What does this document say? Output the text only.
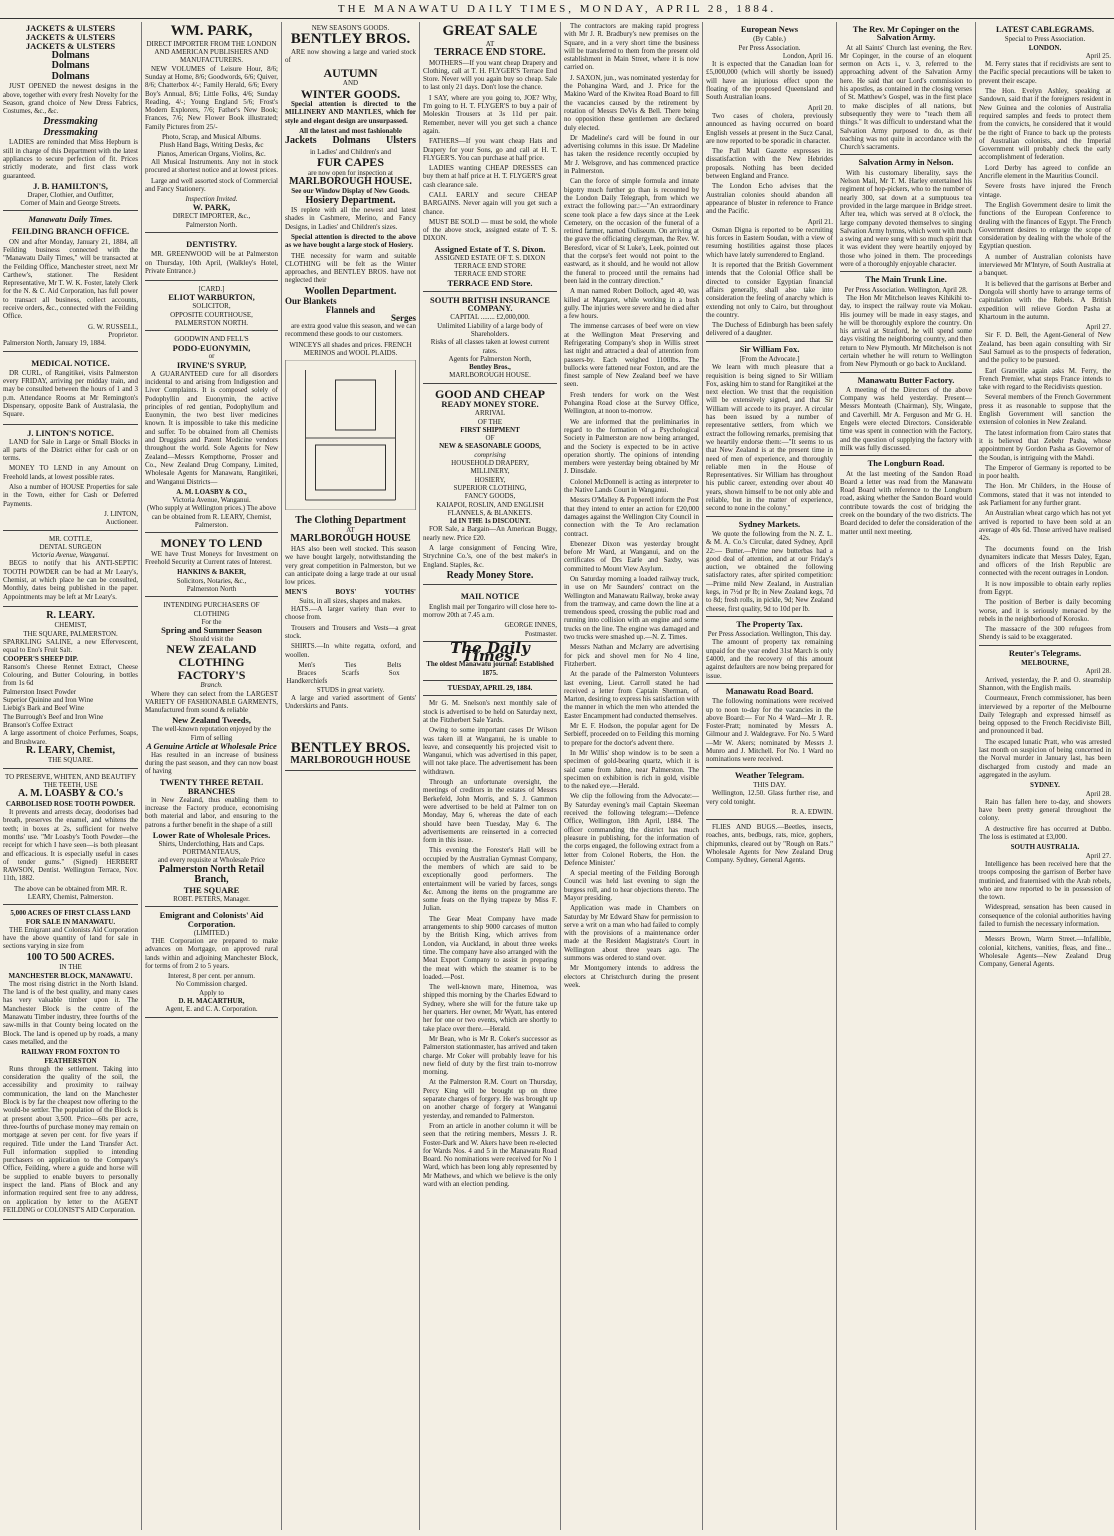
THE MANAWATU DAILY TIMES, MONDAY, APRIL 28, 1884.
JACKETS & ULSTERS
JACKETS & ULSTERS
JACKETS & ULSTERS
Dolmans
Dolmans
Dolmans

JUST OPENED the newest designs in the above, together with every fresh Novelty for the Season, grand choice of New Dress Fabrics, Costumes, &c., &c.

Dressmaking
Dressmaking

LADIES are reminded that Miss Hepburn is still in charge of this Department with the latest appliances to secure perfection of fit. Prices strictly moderate, and first class work guaranteed.

J. B. HAMILTON'S,
Draper, Clothier, and Outfitter,
Corner of Main and George Streets.
Manawatu Daily Times.
FEILDING BRANCH OFFICE.

ON and after Monday, January 21, 1884, all Feilding business connected with the "Manawatu Daily Times," will be transacted at the Feilding Office, Manchester street, next Mr Carthew's, stationer. The Resident Representative, Mr T. W. K. Foster, lately Clerk for the N. & C. Aid Corporation, has full power to transact all business, collect accounts, receive orders, &c., connected with the Feilding Office.

G. W. RUSSELL,
Proprietor.
Palmerston North, January 19, 1884.
MEDICAL NOTICE.

DR CURL, of Rangitikei, visits Palmerston every FRIDAY, arriving per midday train, and may be consulted between the hours of 1 and 3 p.m. Attendance Rooms at Mr Remington's Dispensary, opposite Bank of Australasia, the Square.

J. LINTON'S NOTICE.

LAND for Sale in Large or Small Blocks in all parts of the District either for cash or on terms.

MONEY TO LEND in any Amount on Freehold lands, at lowest possible rates.

Also a number of HOUSE Properties for sale in the Town, either for Cash or Deferred Payments.

J. LINTON,
Auctioneer.
MR. COTTLE,
DENTAL SURGEON
Victoria Avenue, Wanganui.

BEGS to notify that his ANTI-SEPTIC TOOTH POWDER can be had at Mr Leary's, Chemist, at which place he can be consulted, Monthly, dates being published in the paper. Appointments may be left at Mr Leary's.

R. LEARY.
CHEMIST,
THE SQUARE, PALMERSTON.
SPARKLING SALINE, a new Effervescent, equal to Eno's Fruit Salt.
COOPER'S SHEEP DIP.
Ransom's Cheese Rennet Extract, Cheese Colouring, and Butter Colouring, in bottles from 1s 6d
Palmerston Insect Powder
Superior Quinine and Iron Wine
Liebig's Bark and Beef Wine
The Burrough's Beef and Iron Wine
Branson's Coffee Extract
A large assortment of choice Perfumes, Soaps, and Brushware.
R. LEARY, Chemist,
THE SQUARE.
TO PRESERVE, WHITEN, AND BEAUTIFY THE TEETH, USE
A. M. LOASBY & CO.'s
CARBOLISED ROSE TOOTH POWDER.

It prevents and arrests decay, deodorises bad breath, preserves the enamel, and whitens the teeth; in boxes at 2s, sufficient for twelve months' use. "Mr Loasby's Tooth Powder—the receipt for which I have seen—is both pleasant and efficacious. It is especially useful in cases of tender gums." (Signed) HERBERT RAWSON, Dentist. Wellington Terrace, Nov. 11th, 1882.

The above can be obtained from MR. R. LEARY, Chemist, Palmerston.
5,000 ACRES OF FIRST CLASS LAND FOR SALE IN MANAWATU.

THE Emigrant and Colonists Aid Corporation have the above quantity of land for sale in sections varying in size from

100 TO 500 ACRES.
IN THE
MANCHESTER BLOCK, MANAWATU.

The most rising district in the North Island. The land is of the best quality, and many cases has very valuable timber upon it. The Manchester Block is the centre of the Manawatu Timber industry, three fourths of the saw-mills in that County being located on the Block. The land is opened up by roads, a many cases metalled, and the

RAILWAY FROM FOXTON TO FEATHERSTON

Runs through the settlement. Taking into consideration the quality of the soil, the accessibility and proximity to railway communication, the land on the Manchester Block is by far the cheapest now offering to the would-be settler. The population of the Block is at present about 3,500. Price—60s per acre, three-fourths of purchase money may remain on mortgage at seven per cent. for five years if required. Title under the Land Transfer Act. Full information supplied to intending purchasers on application to the Company's Office, Feilding, where a guide and horse will be supplied to enable buyers to personally inspect the land. Plans of Block and any information required sent free to any address, on application by letter to the AGENT FEILDING or COLONIST'S AID Corporation.

WM. PARK,
DIRECT IMPORTER FROM THE LONDON AND AMERICAN PUBLISHERS AND MANUFACTURERS.

NEW VOLUMES of Leisure Hour, 8/6; Sunday at Home, 8/6; Goodwords, 6/6; Quiver, 8/6; Chatterbox 4/-; Family Herald, 6/6; Every Boy's Annual, 8/6; Little Folks, 4/6; Sunday Reading, 4/-; Young England 5/6; Frost's Modern Explorers, 7/6; Father's New Book; Frances, 7/6; New Flower Book illustrated; Family Pictures from 25/-

Photo, Scrap, and Musical Albums.
Plush Hand Bags, Writing Desks, &c
Pianos, American Organs, Violins, &c.

All Musical Instruments. Any not in stock procured at shortest notice and at lowest prices.

Large and well assorted stock of Commercial and Fancy Stationery.

Inspection Invited.
W. PARK,
DIRECT IMPORTER, &c.,
Palmerston North.
DENTISTRY.

MR. GREENWOOD will be at Palmerston on Thursday, 10th April, (Walkley's Hotel, Private Entrance.)

[CARD.]
ELIOT WARBURTON,
SOLICITOR,
OPPOSITE COURTHOUSE,
PALMERSTON NORTH.
GOODWIN AND FELL'S
PODO-EUONYMIN,
or
IRVINE'S SYRUP,

A GUARANTEED cure for all disorders incidental to and arising from Indigestion and Liver Complaints. It is composed solely of Podophyllin and Euonymin, the active principles of red gentian, Podophyllum and Euonymin, the two best liver medicines known. It is impossible to take this medicine and suffer. To be obtained from all Chemists and Druggists and Patent Medicine vendors throughout the world. Sole Agents for New Zealand—Messrs Kempthorne, Prosser and Co., New Zealand Drug Company, Limited, Wholesale Agents for Manawatu, Rangitikei, and Wanganui Districts—

A. M. LOASBY & CO.,
Victoria Avenue, Wanganui.
(Who supply at Wellington prices.) The above can be obtained from R. LEARY, Chemist, Palmerston.
MONEY TO LEND

WE have Trust Moneys for Investment on Freehold Security at Current rates of Interest.

HANKINS & BAKER,
Solicitors, Notaries, &c.,
Palmerston North
INTENDING PURCHASERS OF CLOTHING
For the
Spring and Summer Season
Should visit the
NEW ZEALAND CLOTHING FACTORY'S
Branch.

Where they can select from the LARGEST VARIETY OF FASHIONABLE GARMENTS, Manufactured from sound & reliable

New Zealand Tweeds,
The well-known reputation enjoyed by the Firm of selling
A Genuine Article at Wholesale Price

Has resulted in an increase of business during the past season, and they can now boast of having

TWENTY THREE RETAIL
BRANCHES

in New Zealand, thus enabling them to increase the Factory produce, economising both material and labor, and ensuring to the patrons a further benefit in the shape of a still

Lower Rate of Wholesale Prices.
Shirts, Underclothing, Hats and Caps.
PORTMANTEAUS,
and every requisite at Wholesale Price
Palmerston North Retail Branch,
THE SQUARE
ROBT. PETERS, Manager.
Emigrant and Colonists' Aid Corporation.
(LIMITED.)

THE Corporation are prepared to make advances on Mortgage, on approved rural lands within and adjoining Manchester Block, for terms of from 2 to 5 years.

Interest, 8 per cent. per annum.
No Commission charged.
Apply to
D. H. MACARTHUR,
Agent, E. and C. A. Corporation.
NEW SEASON'S GOODS.
BENTLEY BROS.

ARE now showing a large and varied stock of

AUTUMN
AND
WINTER GOODS.

Special attention is directed to the MILLINERY AND MANTLES, which for style and elegant design are unsurpassed.

All the latest and most fashionable
Jackets Dolmans Ulsters
in Ladies' and Children's and
FUR CAPES
are now open for inspection at
MARLBOROUGH HOUSE.
See our Window Display of New Goods.
Hosiery Department.

IS replete with all the newest and latest shades in Cashmere, Merino, and Fancy Designs, in Ladies' and Children's sizes.

Special attention is directed to the above as we have bought a large stock of Hosiery.

THE necessity for warm and suitable CLOTHING will be felt as the Winter approaches, and BENTLEY BROS. have not neglected their

Woollen Department.
Our Blankets
Flannels and
Serges

are extra good value this season, and we can recommend these goods to our customers.

WINCEYS all shades and prices. FRENCH MERINOS and WOOL PLAIDS.
The Clothing Department
AT
MARLBOROUGH HOUSE

HAS also been well stocked. This season we have bought largely, notwithstanding the very great competition in Palmerston, but we can anticipate doing a large trade at our usual low prices.

MEN'S	BOYS'	YOUTHS'
Suits, in all sizes, shapes and makes.

HATS.—A larger variety than ever to choose from.

Trousers and Trousers and Vests—a great stock.

SHIRTS.—In white regatta, oxford, and woollen.

Men's	Ties	Belts
Braces	Scarfs	Sox
Handkerchiefs
STUDS in great variety.

A large and varied assortment of Gents' Underskirts and Pants.

BENTLEY BROS.
MARLBOROUGH HOUSE
GREAT SALE
AT
TERRACE END STORE.

MOTHERS—If you want cheap Drapery and Clothing, call at T. H. FLYGER'S Terrace End Store. Never will you again buy so cheap. Sale to last only 21 days. Don't lose the chance.

I SAY, where are you going to, JOE? Why, I'm going to H. T. FLYGER'S to buy a pair of Moleskin Trousers at 3s 11d per pair. Remember, never will you get such a chance again.

FATHERS—If you want cheap Hats and Drapery for your Sons, go and call at H. T. FLYGER'S. You can purchase at half price.

LADIES wanting CHEAP DRESSES can buy them at half price at H. T. FLYGER'S great cash clearance sale.

CALL EARLY and secure CHEAP BARGAINS. Never again will you get such a chance.

MUST BE SOLD — must be sold, the whole of the above stock, assigned estate of T. S. DIXON.

Assigned Estate of T. S. Dixon.
ASSIGNED ESTATE OF T. S. DIXON
TERRACE END STORE
TERRACE END STORE
TERRACE END Store.
SOUTH BRITISH INSURANCE COMPANY.
CAPITAL ........ £2,000,000.
Unlimited Liability of a large body of Shareholders.
Risks of all classes taken at lowest current rates.
Agents for Palmerston North,
Bentley Bros.,
MARLBOROUGH HOUSE.
GOOD AND CHEAP
READY MONEY STORE.
ARRIVAL
OF THE
FIRST SHIPMENT
OF
NEW & SEASONABLE GOODS,
comprising
HOUSEHOLD DRAPERY,
MILLINERY,
HOSIERY,
SUPERIOR CLOTHING,
FANCY GOODS,
KAIAPOI, ROSLIN, AND ENGLISH FLANNELS, & BLANKETS.
1d IN THE 1s DISCOUNT.

FOR Sale, a Bargain—An American Buggy, nearly new. Price £20.

A large consignment of Fencing Wire, Strychnine Co.'s, one of the best maker's in England. Staples, &c.

Ready Money Store.
MAIL NOTICE

English mail per Tongariro will close here to-morrow 20th at 7.45 a.m.

GEORGE INNES,
Postmaster.
The Daily Times.
The oldest Manawatu journal: Established 1875.
TUESDAY, APRIL 29, 1884.

Mr G. M. Snelson's next monthly sale of stock is advertised to be held on Saturday next, at the Fitzherbert Sale Yards.

Owing to some important cases Dr Wilson was taken ill at Wanganui, he is unable to leave, and consequently his projected visit to Wanganui, which was advertised in this paper, will not take place. The advertisement has been withdrawn.

Through an unfortunate oversight, the meetings of creditors in the estates of Messrs Berkefeld, John Morris, and S. J. Gammon were advertised to be held at Palmer ton on Monday, May 6, whereas the date of each should have been Tuesday, May 6. The advertisements are reinserted in a corrected form in this issue.

This evening the Forester's Hall will be occupied by the Australian Gymnast Company, the members of which are said to be exceptionally good performers. The entertainment will be varied by farces, songs &c. Among the items on the programme are some feats on the flying trapeze by Miss F. Julian.

The Gear Meat Company have made arrangements to ship 9000 carcases of mutton by the British King, which arrives from London, via Auckland, in about three weeks time. The company have also arranged with the Meat Export Company to assist in preparing the meat with which the steamer is to be loaded.—Post.

The well-known mare, Hinemoa, was shipped this morning by the Charles Edward to Sydney, where she will for the future take up her quarters. Her owner, Mr Wyatt, has entered her for one or two events, which are shortly to take place over there.—Herald.

Mr Bean, who is Mr R. Coker's successor as Palmerston stationmaster, has arrived and taken charge. Mr Coker will probably leave for his new field of duty by the first train to-morrow morning.

At the Palmerston R.M. Court on Thursday, Percy King will be brought up on three separate charges of forgery. He was brought up on another charge of forgery at Wanganui yesterday, and remanded to Palmerston.

From an article in another column it will be seen that the retiring members, Messrs J. R. Foster-Dark and W. Akers have been re-elected for Wards Nos. 4 and 5 in the Manawatu Road Board. No nominations were received for No 1 Ward, which has been long ably represented by Mr Mathews, and which we believe is the only ward with an election pending.

The contractors are making rapid progress with Mr J. R. Bradbury's new premises on the Square, and in a very short time the business will be transferred to them from the present old establishment in Main Street, where it is now carried on.

J. SAXON, jun., was nominated yesterday for the Pohangina Ward, and J. Price for the Makino Ward of the Kiwitea Road Board to fill the vacancies caused by the retirement by rotation of Messrs DeVis & Bell. There being no opposition these gentlemen are declared duly elected.

Dr Madeline's card will be found in our advertising columns in this issue. Dr Madeline has taken the residence recently occupied by Mr J. Welsgrove, and has commenced practice in Palmerston.

Can the force of simple formula and innate bigotry much further go than is recounted by the London Daily Telegraph, from which we extract the following par.:—"An extraordinary scene took place a few days since at the Leek Cemetery, on the occasion of the funeral of a retired farmer, named Ouliseum. On arriving at the grave the officiating clergyman, the Rev. W. Beresford, vicar of St Luke's, Leek, pointed out that the corpse's feet would not point to the eastward, as it should, and he would not allow the funeral to proceed until the remains had been laid in the contrary direction."

A man named Robert Dolloch, aged 40, was killed at Margaret, while working in a bush gully. The injuries were severe and he died after a few hours.

The immense carcases of beef were on view at the Wellington Meat Preserving and Refrigerating Company's shop in Willis street last night and attracted a deal of attention from passers-by. Each weighed 1100lbs. The bullocks were fattened near Foxton, and are the finest sample of New Zealand beef we have seen.

Fresh tenders for work on the West Pohangina Road close at the Survey Office, Wellington, at noon to-morrow.

We are informed that the preliminaries in regard to the formation of a Psychological Society in Palmerston are now being arranged, and the Society is expected to be in active operation shortly. The opinions of intending members were yesterday being obtained by Mr J. Dinsdale.

Colonel McDonnell is acting as interpreter to the Native Lands Court in Wanganui.

Messrs O'Malley & Popperell inform the Post that they intend to enter an action for £20,000 damages against the Wellington City Council in connection with the Te Aro reclamation contract.

Ebenezer Dixon was yesterday brought before Mr Ward, at Wanganui, and on the certificates of Drs Earle and Saxby, was committed to Mount View Asylum.

On Saturday morning a loaded railway truck, in use on Mr Saunders' contract on the Wellington and Manawatu Railway, broke away from the tramway, and came down the line at a tremendous speed, crossing the public road and running into collision with an engine and some trucks on the line. The engine was damaged and two trucks were smashed up.—N. Z. Times.

Messrs Nathan and McJarry are advertising for pick and shovel men for No 4 line, Fitzherbert.

At the parade of the Palmerston Volunteers last evening, Lieut. Carroll stated he had received a letter from Captain Sherman, of Marton, desiring to express his satisfaction with the manner in which the men who attended the Easter Encampment had conducted themselves.

Mr E. F. Hodson, the popular agent for De Serbieff, proceeded on to Feilding this morning to prepare for the doctor's advent there.

In Mr Willis' shop window is to be seen a specimen of gold-bearing quartz, which it is said came from Jahne, near Palmerston. The specimen on exhibition is rich in gold, visible to the naked eye.—Herald.

We clip the following from the Advocate:—By Saturday evening's mail Captain Skeeman received the following telegram:—'Defence Office, Wellington, 18th April, 1884. The officer commanding the district has much pleasure in publishing, for the information of the corps engaged, the following extract from a letter from Colonel Roberts, the Hon. the Defence Minister.'

A special meeting of the Feilding Borough Council was held last evening to sign the burgess roll, and to hear objections thereto. The Mayor presiding.

Application was made in Chambers on Saturday by Mr Edward Shaw for permission to serve a writ on a man who had failed to comply with the provisions of a maintenance order made at the Resident Magistrate's Court in Wellington about three years ago. The summons was ordered to stand over.

Mr Montgomery intends to address the electors at Christchurch during the present week.

European News
(By Cable.)
Per Press Association.
London, April 16.

It is expected that the Canadian loan for £5,000,000 (which will shortly be issued) will have an injurious effect upon the floating of the proposed Queensland and South Australian loans.

April 20.

Two cases of cholera, previously announced as having occurred on board English vessels at present in the Sucz Canal, are now reported to be sporadic in character.

The Pall Mall Gazette expresses its dissatisfaction with the New Hebrides proposals. Nothing has been decided between England and France.

The London Echo advises that the Australian colonies should abandon all appearance of bluster in reference to France and the Pacific.

April 21.

Osman Digna is reported to be recruiting his forces in Eastern Soudan, with a view of resuming hostilities against those places which have lately surrendered to England.

It is reported that the British Government intends that the Colonial Office shall be directed to consider Egyptian financial affairs generally, shall also take into consideration the feeling of anarchy which is extending not only to Cairo, but throughout the country.

The Duchess of Edinburgh has been safely delivered of a daughter.

Sir William Fox.
[From the Advocate.]

We learn with much pleasure that a requisition is being signed to Sir William Fox, asking him to stand for Rangitikei at the next election. We trust that the requisition will be extensively signed, and that Sir William will accede to its prayer. A circular has been issued by a number of representative settlers, from which we extract the following remarks, premising that we heartily endorse them:—"It seems to us that New Zealand is at the present time in need of men of experience, and thoroughly reliable men in the House of Representatives. Sir William has throughout his public career, extending over about 40 years, shown himself to be not only able and reliable, but in the matter of experience, second to none in the colony."

Sydney Markets.

We quote the following from the N. Z. L. & M. A. Co.'s Circular, dated Sydney, April 22:— Butter.—Prime new butterbas had a good deal of attention, and at our Friday's auction, we obtained the following satisfactory rates, after spirited competition:—Prime mild New Zealand, in Australian kegs, in 7½d pr lb; in New Zealand kegs, 7d to 8d; fresh rolls, in pickle, 9d; New Zealand cheese, first quality, 9d to 10d per lb.

The Property Tax.
Per Press Association. Wellington, This day.

The amount of property tax remaining unpaid for the year ended 31st March is only £4000, and the recovery of this amount against defaulters are now being prepared for issue.

Manawatu Road Board.

The following nominations were received up to noon to-day for the vacancies in the above Board:— For No 4 Ward—Mr J. R. Foster-Pratt; nominated by Messrs A. Gilmour and J. Waldegrave. For No. 5 Ward—Mr W. Akers; nominated by Messrs J. Munro and J. Mitchell. For No. 1 Ward no nominations were received.

Weather Telegram.
THIS DAY.

Wellington, 12.50. Glass further rise, and very cold tonight.

R. A. EDWIN.

FLIES AND BUGS.—Beetles, insects, roaches, ants, bedbugs, rats, mice, gophers, chipmunks, cleared out by "Rough on Rats." Wholesale Agents for New Zealand Drug Company. Sydney, General Agents.

The Rev. Mr Copinger on the Salvation Army.

At all Saints' Church last evening, the Rev. Mr Copinger, in the course of an eloquent sermon on Acts i., v. 3, referred to the approaching advent of the Salvation Army here. He said that our Lord's commission to his apostles, as contained in the closing verses of St. Matthew's Gospel, was in the first place to make disciples of all nations, but subsequently they were to "teach them all things." It was difficult to understand what the Salvation Army purposed to do, as their teaching was not quite in accordance with the Church's sacraments.

Salvation Army in Nelson.

With his customary liberality, says the Nelson Mail, Mr T. M. Harley entertained his regiment of hop-pickers, who to the number of nearly 300, sat down at a sumptuous tea provided in the large marquee in Bridge street. After tea, which was served at 8 o'clock, the large company devoted themselves to singing Salvation Army hymns, which went with much a swing and were sung with so much spirit that it was evident they were heartily enjoyed by those who joined in them. The proceedings were of a thoroughly enjoyable character.

The Main Trunk Line.
Per Press Association. Wellington, April 28.

The Hon Mr Mitchelson leaves Kihikihi to-day, to inspect the railway route via Mokau. His journey will be made in easy stages, and he will be thoroughly explore the country. On his arrival at Stratford, he will spend some days visiting the neighboring country, and then return to New Plymouth. Mr Mitchelson is not certain whether he will return to Wellington from New Plymouth or go back to Auckland.

Manawatu Butter Factory.

A meeting of the Directors of the above Company was held yesterday. Present—Messrs Monteath (Chairman), Sly, Wingate, and Caverhill. Mr A. Ferguson and Mr G. H. Engels were elected Directors. Considerable time was spent in connection with the Factory, and the question of supplying the factory with milk was fully discussed.

The Longburn Road.

At the last meeting of the Sandon Road Board a letter was read from the Manawatu Road Board with reference to the Longburn road, asking whether the Sandon Board would contribute towards the cost of bridging the creek on the boundary of the two districts. The Board decided to defer the consideration of the matter until next meeting.

LATEST CABLEGRAMS.
Special to Press Association.
LONDON.
April 25.

M. Ferry states that if recidivists are sent to the Pacific special precautions will be taken to prevent their escape.

The Hon. Evelyn Ashley, speaking at Sandown, said that if the foreigners resident in New Guinea and the colonies of Australia required samples and feeds to protect them from the convicts, he considered that it would be the right of France to back up the protests of Australian colonists, and the Imperial Government will probably check the early accomplishment of federation.

Lord Derby has agreed to confide an Ancrifle element in the Mauritius Council.

Severe frosts have injured the French vintage.

The English Government desire to limit the functions of the European Conference to dealing with the finances of Egypt. The French Government desires to enlarge the scope of consideration by dealing with the whole of the Egyptian question.

A number of Australian colonists have interviewed Mr M'Intyre, of South Australia at a banquet.

It is believed that the garrisons at Berber and Dongola will shortly have to arrange terms of capitulation with the Rebels. A British expedition will relieve Gordon Pasha at Khartoum in the autumn.

April 27.

Sir F. D. Bell, the Agent-General of New Zealand, has been again consulting with Sir Saul Samuel as to the prospects of federation, and the policy to be pursued.

Earl Granville again asks M. Ferry, the French Premier, what steps France intends to take with regard to the Recidivists question.

Several members of the French Government press it as reasonable to suppose that the English Government will sanction the extension of colonies in New Zealand.

The latest information from Cairo states that it is believed that Zebehr Pasha, whose appointment by Gordon Pasha as Governor of the Soudan, is intriguing with the Mahdi.

The Emperor of Germany is reported to be in poor health.

The Hon. Mr Childers, in the House of Commons, stated that it was not intended to ask Parliament for any further grant.

An Australian wheat cargo which has not yet arrived is reported to have been sold at an average of 40s 6d. Those arrived have realised 42s.

The documents found on the Irish dynamiters indicate that Messrs Daley, Egan, and officers of the Irish Republic are connected with the recent outrages in London.

It is now impossible to obtain early replies from Egypt.

The position of Berber is daily becoming worse, and it is seriously menaced by the rebels in the neighborhood of Korosko.

The massacre of the 300 refugees from Shendy is said to be exaggerated.

Reuter's Telegrams.
MELBOURNE,
April 28.

Arrived, yesterday, the P. and O. steamship Shannon, with the English mails.

Courmeaux, French commissioner, has been interviewed by a reporter of the Melbourne Daily Telegraph and expressed himself as being opposed to the French Recidiviste Bill, and pronounced it bad.

The escaped lunatic Pratt, who was arrested last month on suspicion of being concerned in the Norval murder in January last, has been discharged from custody and made an aggregated in the asylum.

SYDNEY.
April 28.

Rain has fallen here to-day, and showers have been pretty general throughout the colony.

A destructive fire has occurred at Dubbo. The loss is estimated at £3,000.

SOUTH AUSTRALIA.
April 27.

Intelligence has been received here that the troops composing the garrison of Berber have mutinied, and fraternised with the Arab rebels, who are now reported to be in possession of the town.

Widespread, sensation has been caused in consequence of the colonial authorities having failed to furnish the necessary information.

Messrs Brown, Warm Street.—Infallible, colonial, kitchens, vanities, fleas, and fine... Wholesale Agents—New Zealand Drug Company, General Agents.
